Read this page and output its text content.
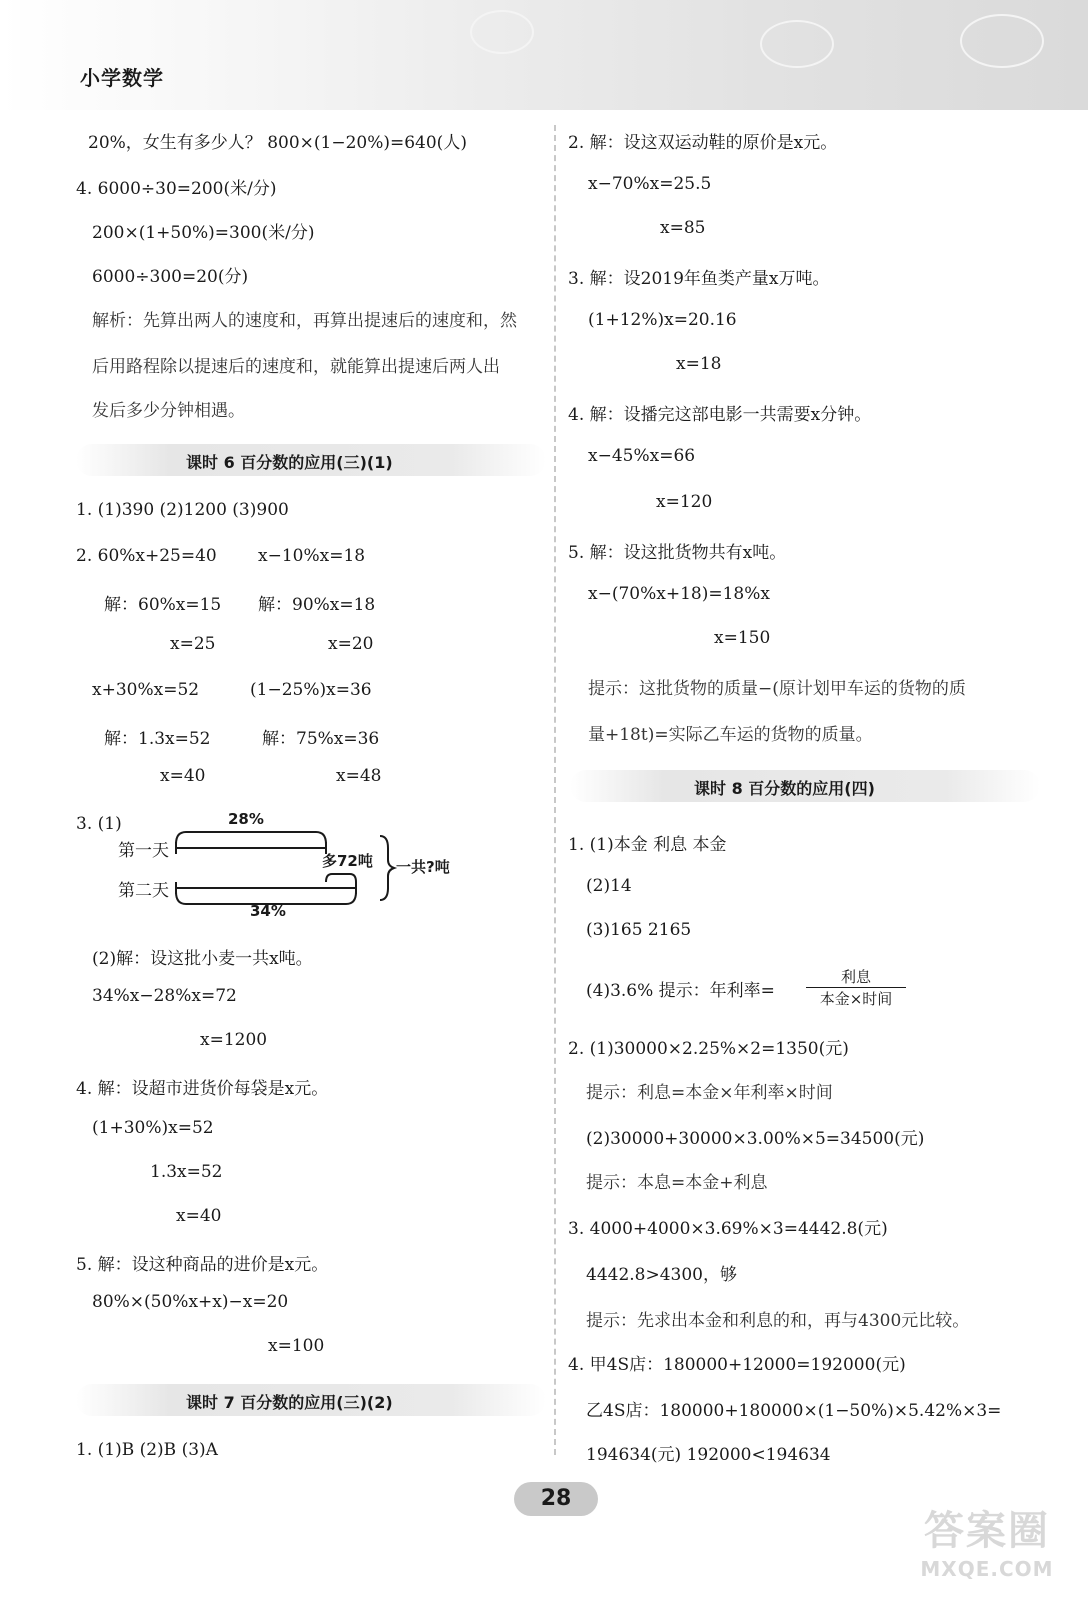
小学数学
20%，女生有多少人？ 800×(1−20%)=640(人)
4. 6000÷30=200(米/分)
200×(1+50%)=300(米/分)
6000÷300=20(分)
解析：先算出两人的速度和，再算出提速后的速度和，然
后用路程除以提速后的速度和，就能算出提速后两人出
发后多少分钟相遇。
课时 6 百分数的应用(三)(1)
1. (1)390 (2)1200 (3)900
2. 60%x+25=40 x−10%x=18
解：60%x=15 解：90%x=18
x=25	x=20
x+30%x=52	(1−25%)x=36
解：1.3x=52	解：75%x=36
x=40	x=48
3. (1)
第一天
第二天
28%
34%
多72吨 一共?吨
(2)解：设这批小麦一共x吨。
34%x−28%x=72
x=1200
4. 解：设超市进货价每袋是x元。
(1+30%)x=52
1.3x=52
x=40
5. 解：设这种商品的进价是x元。
80%×(50%x+x)−x=20
x=100
课时 7 百分数的应用(三)(2)
1. (1)B (2)B (3)A
2. 解：设这双运动鞋的原价是x元。
x−70%x=25.5
x=85
3. 解：设2019年鱼类产量x万吨。
(1+12%)x=20.16
x=18
4. 解：设播完这部电影一共需要x分钟。
x−45%x=66
x=120
5. 解：设这批货物共有x吨。
x−(70%x+18)=18%x
x=150
提示：这批货物的质量−(原计划甲车运的货物的质
量+18t)=实际乙车运的货物的质量。
课时 8 百分数的应用(四)
1. (1)本金 利息 本金
(2)14
(3)165 2165
(4)3.6% 提示：年利率=
利息
本金×时间
2. (1)30000×2.25%×2=1350(元)
提示：利息=本金×年利率×时间
(2)30000+30000×3.00%×5=34500(元)
提示：本息=本金+利息
3. 4000+4000×3.69%×3=4442.8(元)
4442.8>4300，够
提示：先求出本金和利息的和，再与4300元比较。
4. 甲4S店：180000+12000=192000(元)
乙4S店：180000+180000×(1−50%)×5.42%×3=
194634(元) 192000<194634
28
答案圈
MXQE.COM
